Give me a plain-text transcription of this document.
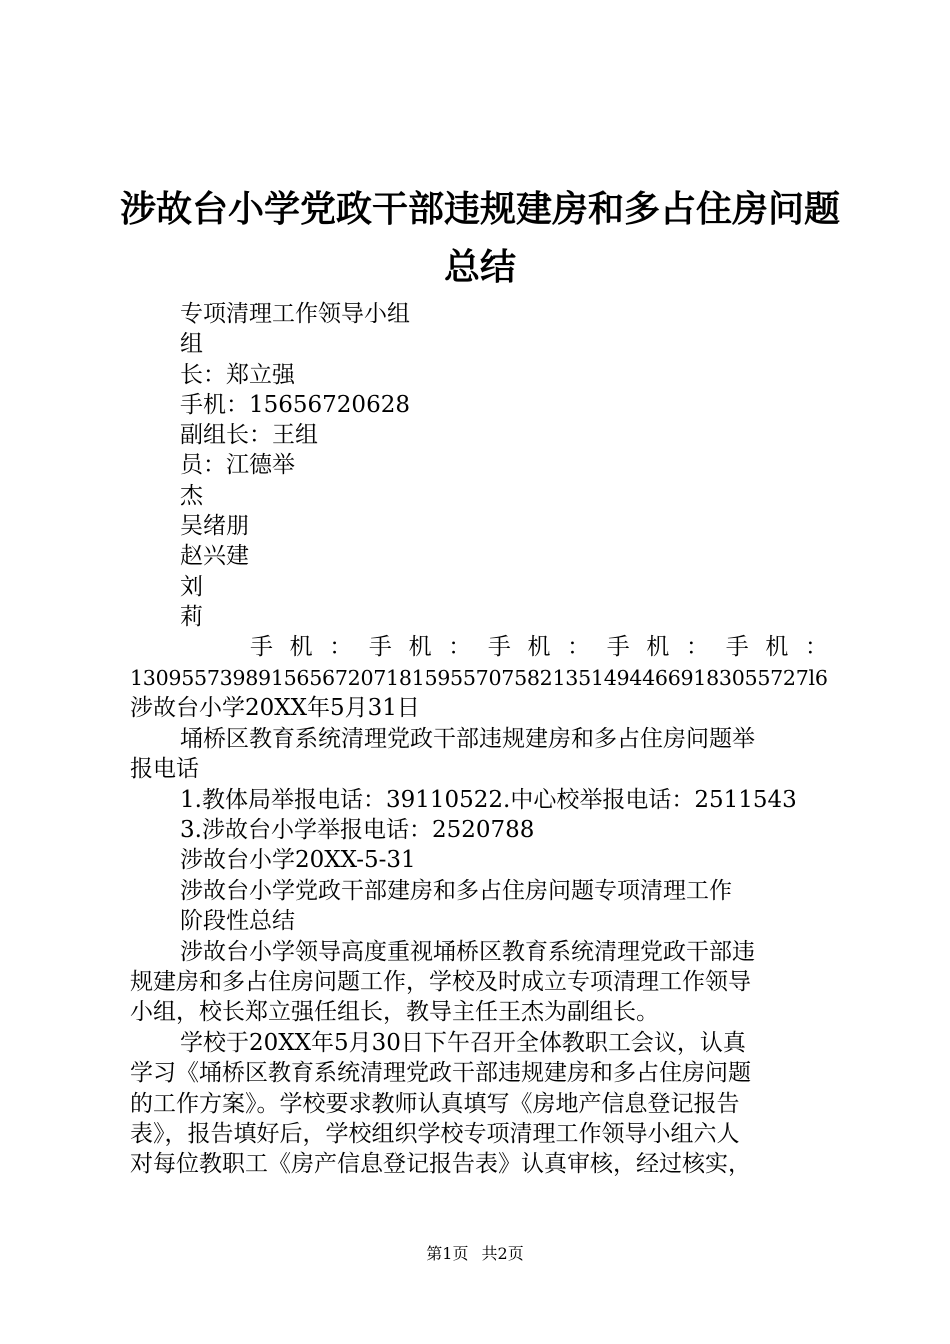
涉故台小学党政干部违规建房和多占住房问题
总结
专项清理工作领导小组
组
长：郑立强
手机：15656720628
副组长：王组
员：江德举
杰
吴绪朋
赵兴建
刘
莉
手 机 ： 手 机 ： 手 机 ： 手 机 ： 手 机 ：
13095573989156567207181595570758213514944669183055727l6
涉故台小学20XX年5月31日
埇桥区教育系统清理党政干部违规建房和多占住房问题举
报电话
1.教体局举报电话：39110522.中心校举报电话：2511543
3.涉故台小学举报电话：2520788
涉故台小学20XX-5-31
涉故台小学党政干部建房和多占住房问题专项清理工作
阶段性总结
涉故台小学领导高度重视埇桥区教育系统清理党政干部违
规建房和多占住房问题工作，学校及时成立专项清理工作领导
小组，校长郑立强任组长，教导主任王杰为副组长。
学校于20XX年5月30日下午召开全体教职工会议，认真
学习《埇桥区教育系统清理党政干部违规建房和多占住房问题
的工作方案》。学校要求教师认真填写《房地产信息登记报告
表》，报告填好后，学校组织学校专项清理工作领导小组六人
对每位教职工《房产信息登记报告表》认真审核，经过核实，
第1页 共2页
